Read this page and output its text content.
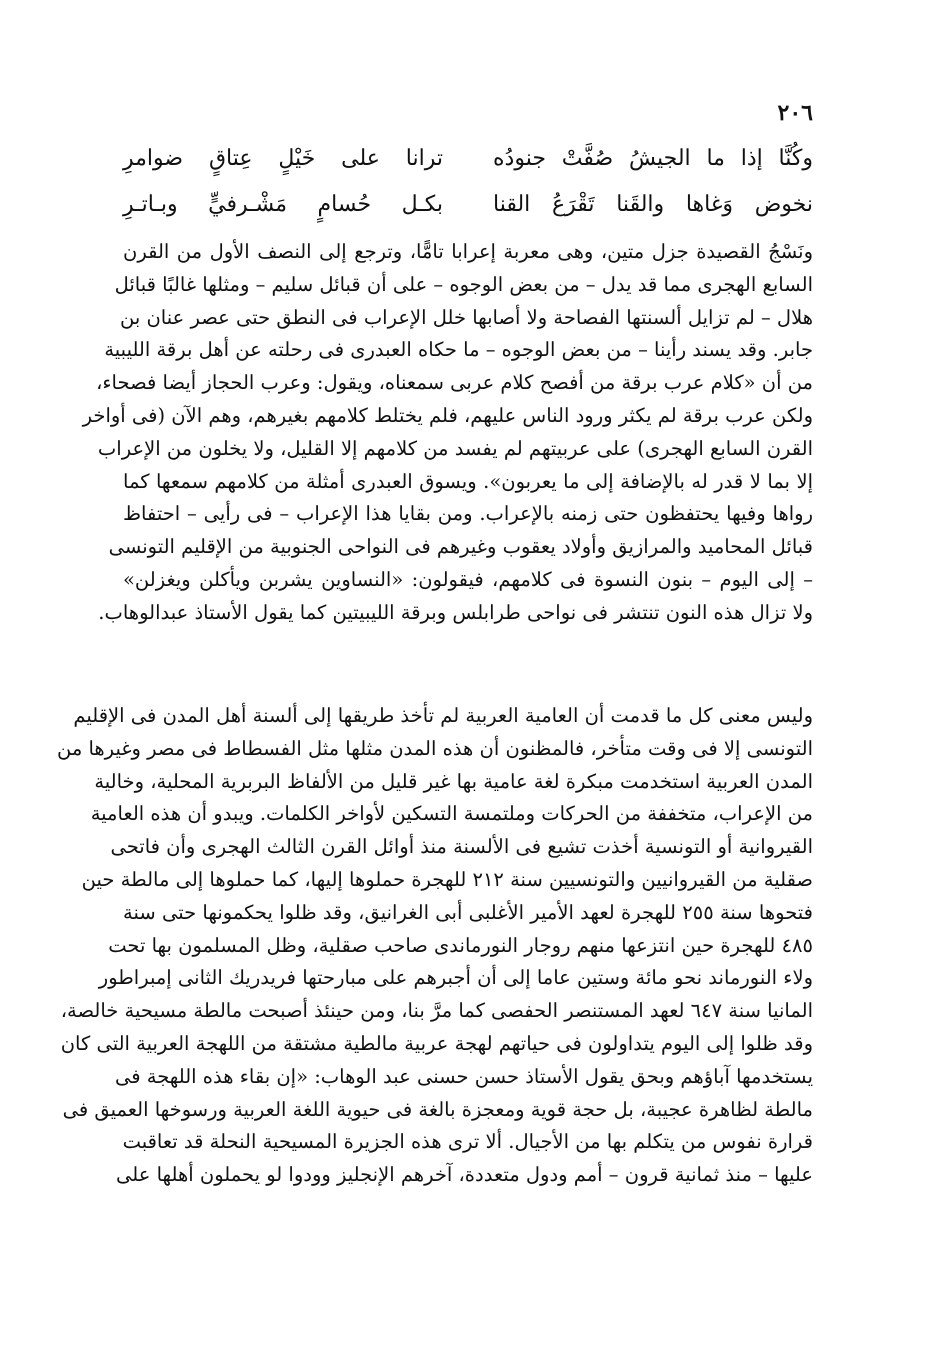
٢٠٦
وكُنَّا إذا ما الجيشُ صُفَّتْ جنودُه
ترانا على خَيْلٍ عِتاقٍ ضوامرِ
نخوض وَغاها والقَنا تَقْرَعُ القنا
بكـل حُسامٍ مَشْـرفيٍّ وبـاتـرِ
ونَسْجُ القصيدة جزل متين، وهى معربة إعرابا تامًّا، وترجع إلى النصف الأول من القرن
السابع الهجرى مما قد يدل – من بعض الوجوه – على أن قبائل سليم – ومثلها غالبًا قبائل
هلال – لم تزايل ألسنتها الفصاحة ولا أصابها خلل الإعراب فى النطق حتى عصر عنان بن
جابر. وقد يسند رأينا – من بعض الوجوه – ما حكاه العبدرى فى رحلته عن أهل برقة الليبية
من أن «كلام عرب برقة من أفصح كلام عربى سمعناه، ويقول: وعرب الحجاز أيضا فصحاء،
ولكن عرب برقة لم يكثر ورود الناس عليهم، فلم يختلط كلامهم بغيرهم، وهم الآن (فى أواخر
القرن السابع الهجرى) على عربيتهم لم يفسد من كلامهم إلا القليل، ولا يخلون من الإعراب
إلا بما لا قدر له بالإضافة إلى ما يعربون». ويسوق العبدرى أمثلة من كلامهم سمعها كما
رواها وفيها يحتفظون حتى زمنه بالإعراب. ومن بقايا هذا الإعراب – فى رأيى – احتفاظ
قبائل المحاميد والمرازيق وأولاد يعقوب وغيرهم فى النواحى الجنوبية من الإقليم التونسى
– إلى اليوم – بنون النسوة فى كلامهم، فيقولون: «النساوين يشربن ويأكلن ويغزلن»
ولا تزال هذه النون تنتشر فى نواحى طرابلس وبرقة الليبيتين كما يقول الأستاذ عبدالوهاب.
وليس معنى كل ما قدمت أن العامية العربية لم تأخذ طريقها إلى ألسنة أهل المدن فى الإقليم
التونسى إلا فى وقت متأخر، فالمظنون أن هذه المدن مثلها مثل الفسطاط فى مصر وغيرها من
المدن العربية استخدمت مبكرة لغة عامية بها غير قليل من الألفاظ البربرية المحلية، وخالية
من الإعراب، متخففة من الحركات وملتمسة التسكين لأواخر الكلمات. ويبدو أن هذه العامية
القيروانية أو التونسية أخذت تشيع فى الألسنة منذ أوائل القرن الثالث الهجرى وأن فاتحى
صقلية من القيروانيين والتونسيين سنة ٢١٢ للهجرة حملوها إليها، كما حملوها إلى مالطة حين
فتحوها سنة ٢٥٥ للهجرة لعهد الأمير الأغلبى أبى الغرانيق، وقد ظلوا يحكمونها حتى سنة
٤٨٥ للهجرة حين انتزعها منهم روجار النورماندى صاحب صقلية، وظل المسلمون بها تحت
ولاء النورماند نحو مائة وستين عاما إلى أن أجبرهم على مبارحتها فريدريك الثانى إمبراطور
المانيا سنة ٦٤٧ لعهد المستنصر الحفصى كما مرَّ بنا، ومن حينئذ أصبحت مالطة مسيحية خالصة،
وقد ظلوا إلى اليوم يتداولون فى حياتهم لهجة عربية مالطية مشتقة من اللهجة العربية التى كان
يستخدمها آباؤهم وبحق يقول الأستاذ حسن حسنى عبد الوهاب: «إن بقاء هذه اللهجة فى
مالطة لظاهرة عجيبة، بل حجة قوية ومعجزة بالغة فى حيوية اللغة العربية ورسوخها العميق فى
قرارة نفوس من يتكلم بها من الأجيال. ألا ترى هذه الجزيرة المسيحية النحلة قد تعاقبت
عليها – منذ ثمانية قرون – أمم ودول متعددة، آخرهم الإنجليز وودوا لو يحملون أهلها على
